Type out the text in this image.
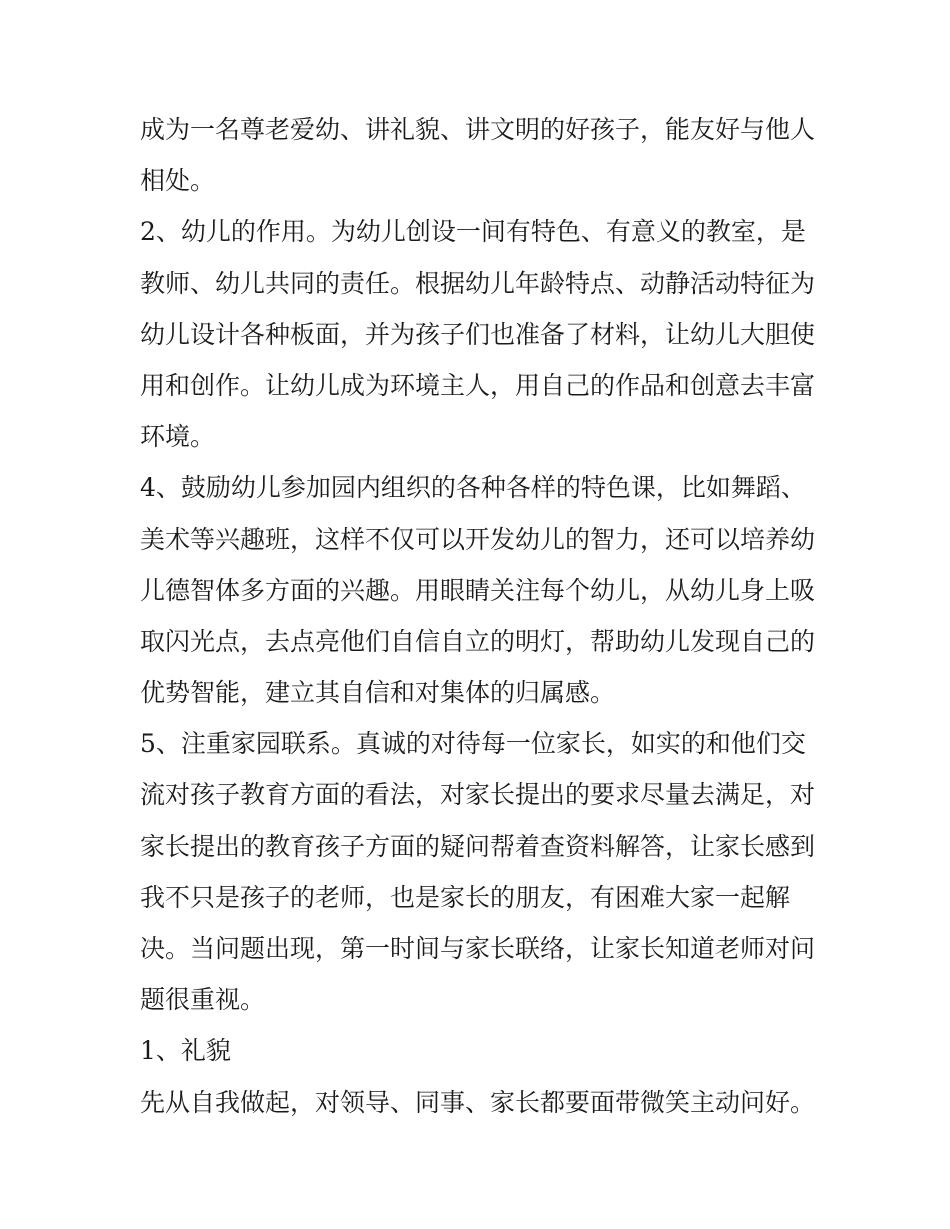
成为一名尊老爱幼、讲礼貌、讲文明的好孩子，能友好与他人
相处。
2、幼儿的作用。为幼儿创设一间有特色、有意义的教室，是
教师、幼儿共同的责任。根据幼儿年龄特点、动静活动特征为
幼儿设计各种板面，并为孩子们也准备了材料，让幼儿大胆使
用和创作。让幼儿成为环境主人，用自己的作品和创意去丰富
环境。
4、鼓励幼儿参加园内组织的各种各样的特色课，比如舞蹈、
美术等兴趣班，这样不仅可以开发幼儿的智力，还可以培养幼
儿德智体多方面的兴趣。用眼睛关注每个幼儿，从幼儿身上吸
取闪光点，去点亮他们自信自立的明灯，帮助幼儿发现自己的
优势智能，建立其自信和对集体的归属感。
5、注重家园联系。真诚的对待每一位家长，如实的和他们交
流对孩子教育方面的看法，对家长提出的要求尽量去满足，对
家长提出的教育孩子方面的疑问帮着查资料解答，让家长感到
我不只是孩子的老师，也是家长的朋友，有困难大家一起解
决。当问题出现，第一时间与家长联络，让家长知道老师对问
题很重视。
1、礼貌
先从自我做起，对领导、同事、家长都要面带微笑主动问好。
